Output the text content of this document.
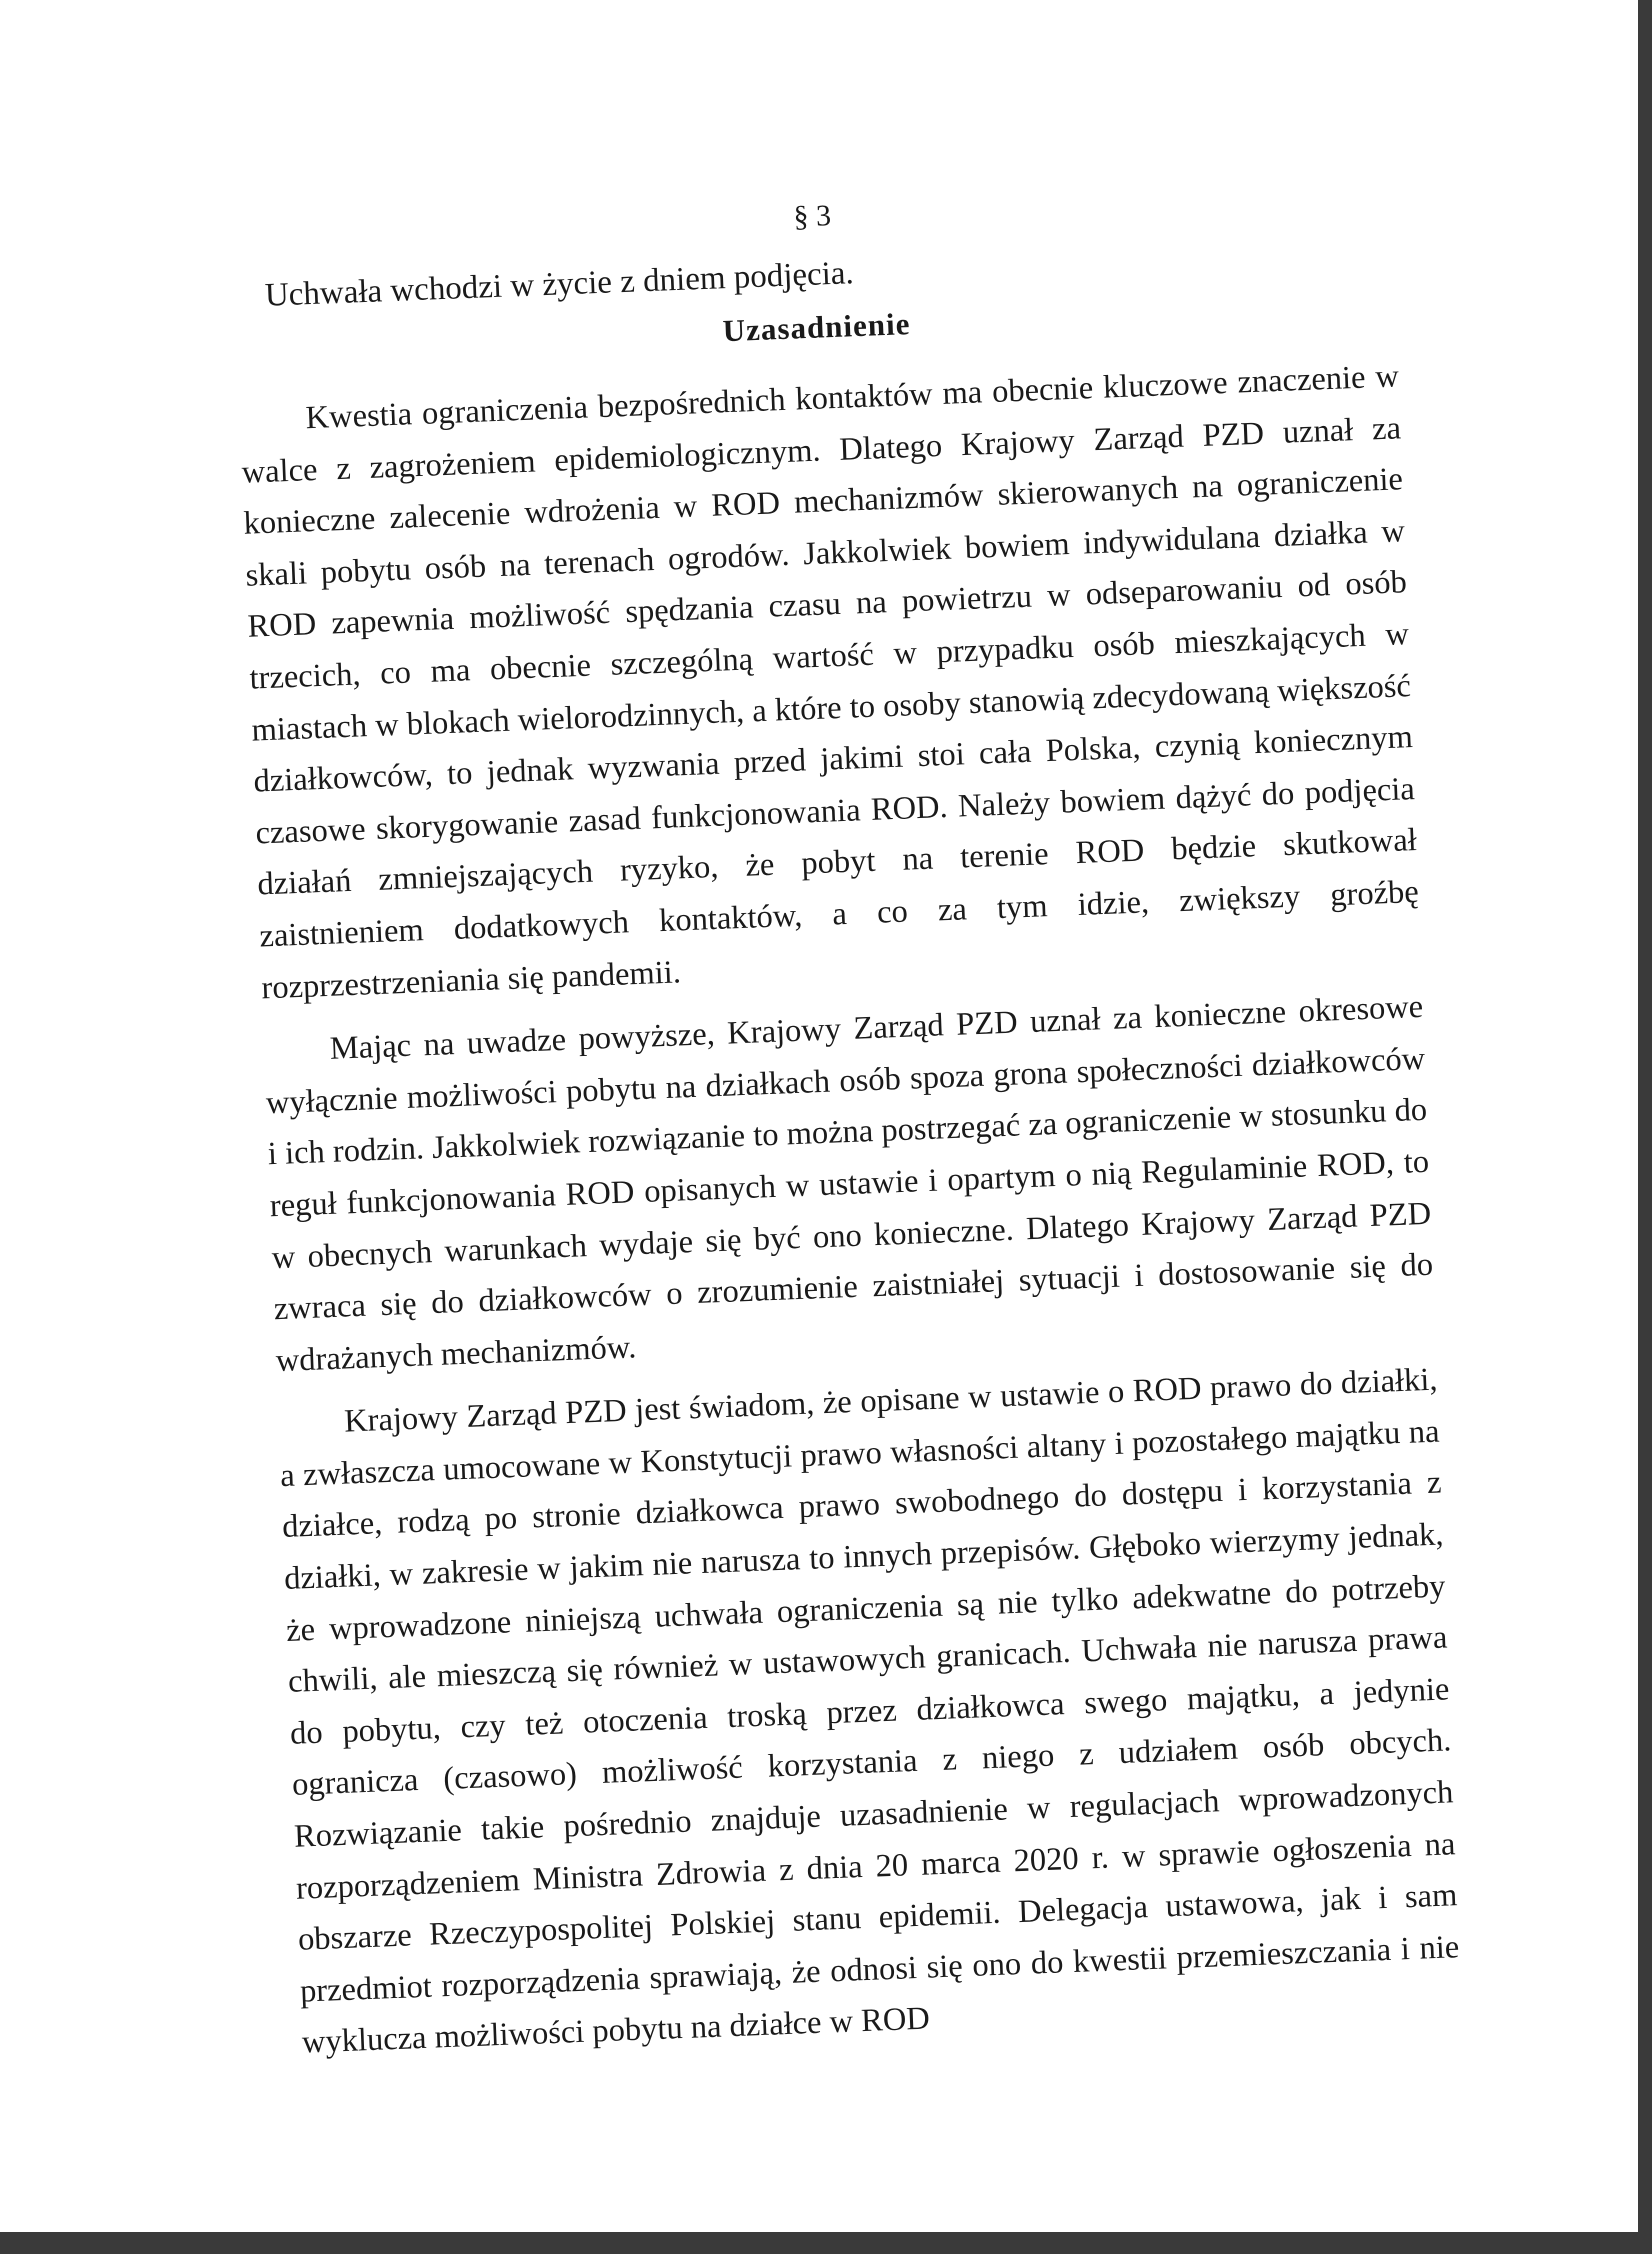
§ 3
Uchwała wchodzi w życie z dniem podjęcia.
Uzasadnienie

Kwestia ograniczenia bezpośrednich kontaktów ma obecnie kluczowe znaczenie w walce z zagrożeniem epidemiologicznym. Dlatego Krajowy Zarząd PZD uznał za konieczne zalecenie wdrożenia w ROD mechanizmów skierowanych na ograniczenie skali pobytu osób na terenach ogrodów. Jakkolwiek bowiem indywidulana działka w ROD zapewnia możliwość spędzania czasu na powietrzu w odseparowaniu od osób trzecich, co ma obecnie szczególną wartość w przypadku osób mieszkających w miastach w blokach wielorodzinnych, a które to osoby stanowią zdecydowaną większość działkowców, to jednak wyzwania przed jakimi stoi cała Polska, czynią koniecznym czasowe skorygowanie zasad funkcjonowania ROD. Należy bowiem dążyć do podjęcia działań zmniejszających ryzyko, że pobyt na terenie ROD będzie skutkował zaistnieniem dodatkowych kontaktów, a co za tym idzie, zwiększy groźbę rozprzestrzeniania się pandemii.

Mając na uwadze powyższe, Krajowy Zarząd PZD uznał za konieczne okresowe wyłącznie możliwości pobytu na działkach osób spoza grona społeczności działkowców i ich rodzin. Jakkolwiek rozwiązanie to można postrzegać za ograniczenie w stosunku do reguł funkcjonowania ROD opisanych w ustawie i opartym o nią Regulaminie ROD, to w obecnych warunkach wydaje się być ono konieczne. Dlatego Krajowy Zarząd PZD zwraca się do działkowców o zrozumienie zaistniałej sytuacji i dostosowanie się do wdrażanych mechanizmów.

Krajowy Zarząd PZD jest świadom, że opisane w ustawie o ROD prawo do działki, a zwłaszcza umocowane w Konstytucji prawo własności altany i pozostałego majątku na działce, rodzą po stronie działkowca prawo swobodnego do dostępu i korzystania z działki, w zakresie w jakim nie narusza to innych przepisów. Głęboko wierzymy jednak, że wprowadzone niniejszą uchwała ograniczenia są nie tylko adekwatne do potrzeby chwili, ale mieszczą się również w ustawowych granicach. Uchwała nie narusza prawa do pobytu, czy też otoczenia troską przez działkowca swego majątku, a jedynie ogranicza (czasowo) możliwość korzystania z niego z udziałem osób obcych. Rozwiązanie takie pośrednio znajduje uzasadnienie w regulacjach wprowadzonych rozporządzeniem Ministra Zdrowia z dnia 20 marca 2020 r. w sprawie ogłoszenia na obszarze Rzeczypospolitej Polskiej stanu epidemii. Delegacja ustawowa, jak i sam przedmiot rozporządzenia sprawiają, że odnosi się ono do kwestii przemieszczania i nie wyklucza możliwości pobytu na działce w ROD
